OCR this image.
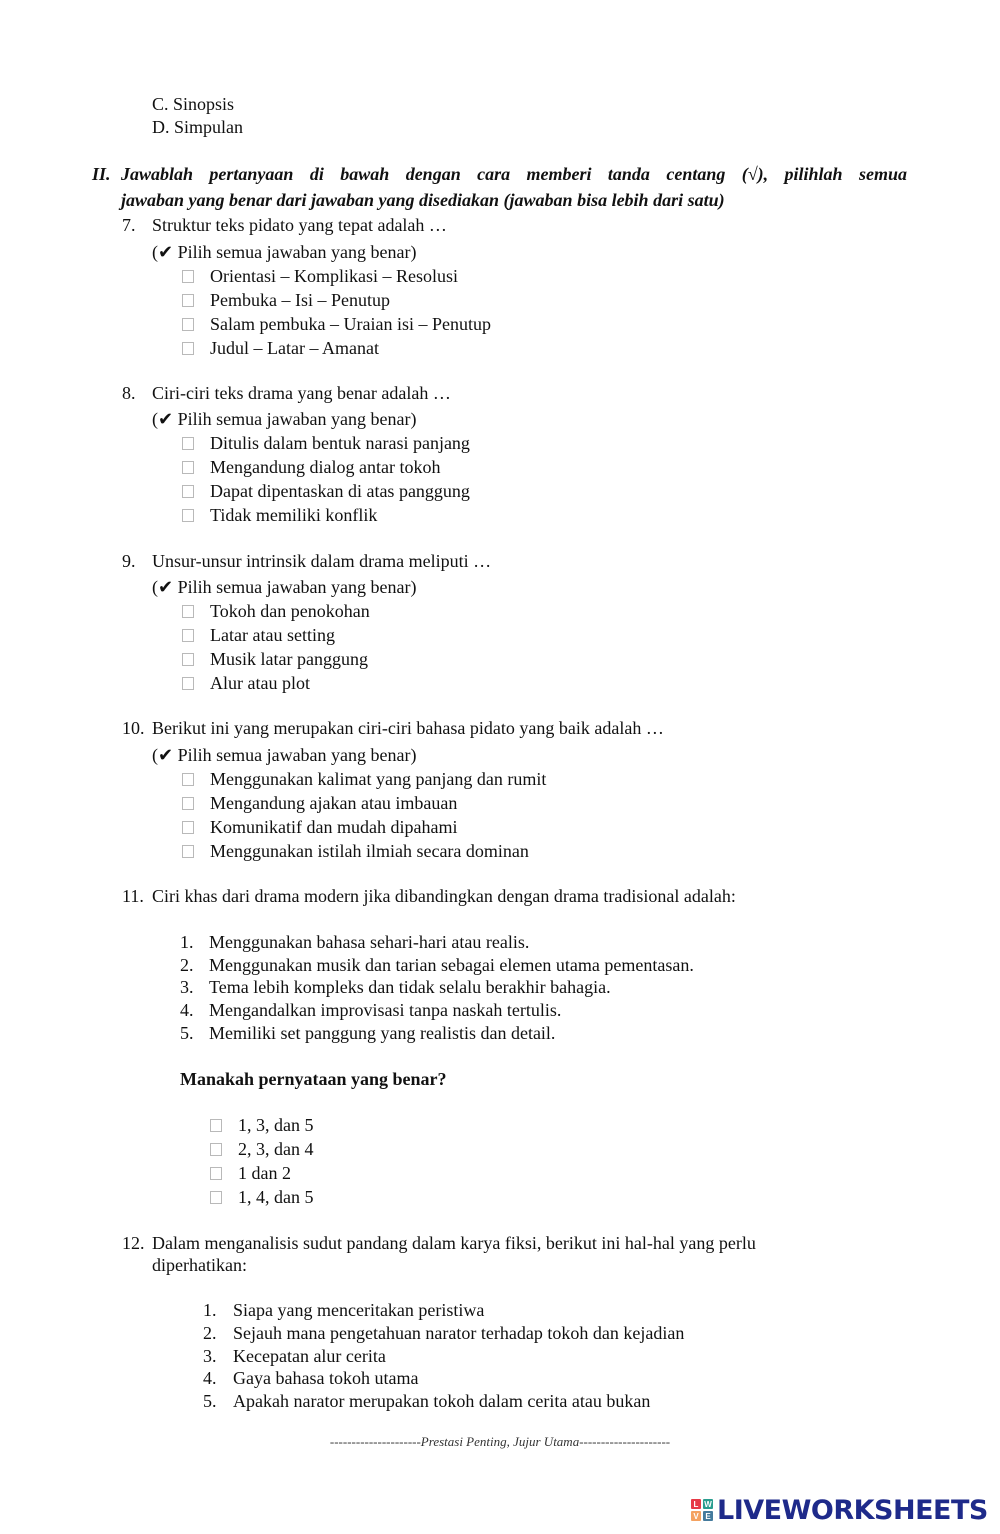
C. Sinopsis
D. Simpulan
II. Jawablah pertanyaan di bawah dengan cara memberi tanda centang (√), pilihlah semua
jawaban yang benar dari jawaban yang disediakan (jawaban bisa lebih dari satu)
7. Struktur teks pidato yang tepat adalah …
(✔ Pilih semua jawaban yang benar)
Orientasi – Komplikasi – Resolusi
Pembuka – Isi – Penutup
Salam pembuka – Uraian isi – Penutup
Judul – Latar – Amanat
8. Ciri-ciri teks drama yang benar adalah …
(✔ Pilih semua jawaban yang benar)
Ditulis dalam bentuk narasi panjang
Mengandung dialog antar tokoh
Dapat dipentaskan di atas panggung
Tidak memiliki konflik
9. Unsur-unsur intrinsik dalam drama meliputi …
(✔ Pilih semua jawaban yang benar)
Tokoh dan penokohan
Latar atau setting
Musik latar panggung
Alur atau plot
10. Berikut ini yang merupakan ciri-ciri bahasa pidato yang baik adalah …
(✔ Pilih semua jawaban yang benar)
Menggunakan kalimat yang panjang dan rumit
Mengandung ajakan atau imbauan
Komunikatif dan mudah dipahami
Menggunakan istilah ilmiah secara dominan
11. Ciri khas dari drama modern jika dibandingkan dengan drama tradisional adalah:
1. Menggunakan bahasa sehari-hari atau realis.
2. Menggunakan musik dan tarian sebagai elemen utama pementasan.
3. Tema lebih kompleks dan tidak selalu berakhir bahagia.
4. Mengandalkan improvisasi tanpa naskah tertulis.
5. Memiliki set panggung yang realistis dan detail.
Manakah pernyataan yang benar?
1, 3, dan 5
2, 3, dan 4
1 dan 2
1, 4, dan 5
12. Dalam menganalisis sudut pandang dalam karya fiksi, berikut ini hal-hal yang perlu
diperhatikan:
1. Siapa yang menceritakan peristiwa
2. Sejauh mana pengetahuan narator terhadap tokoh dan kejadian
3. Kecepatan alur cerita
4. Gaya bahasa tokoh utama
5. Apakah narator merupakan tokoh dalam cerita atau bukan
---------------------Prestasi Penting, Jujur Utama---------------------
L W
V E LIVEWORKSHEETS
